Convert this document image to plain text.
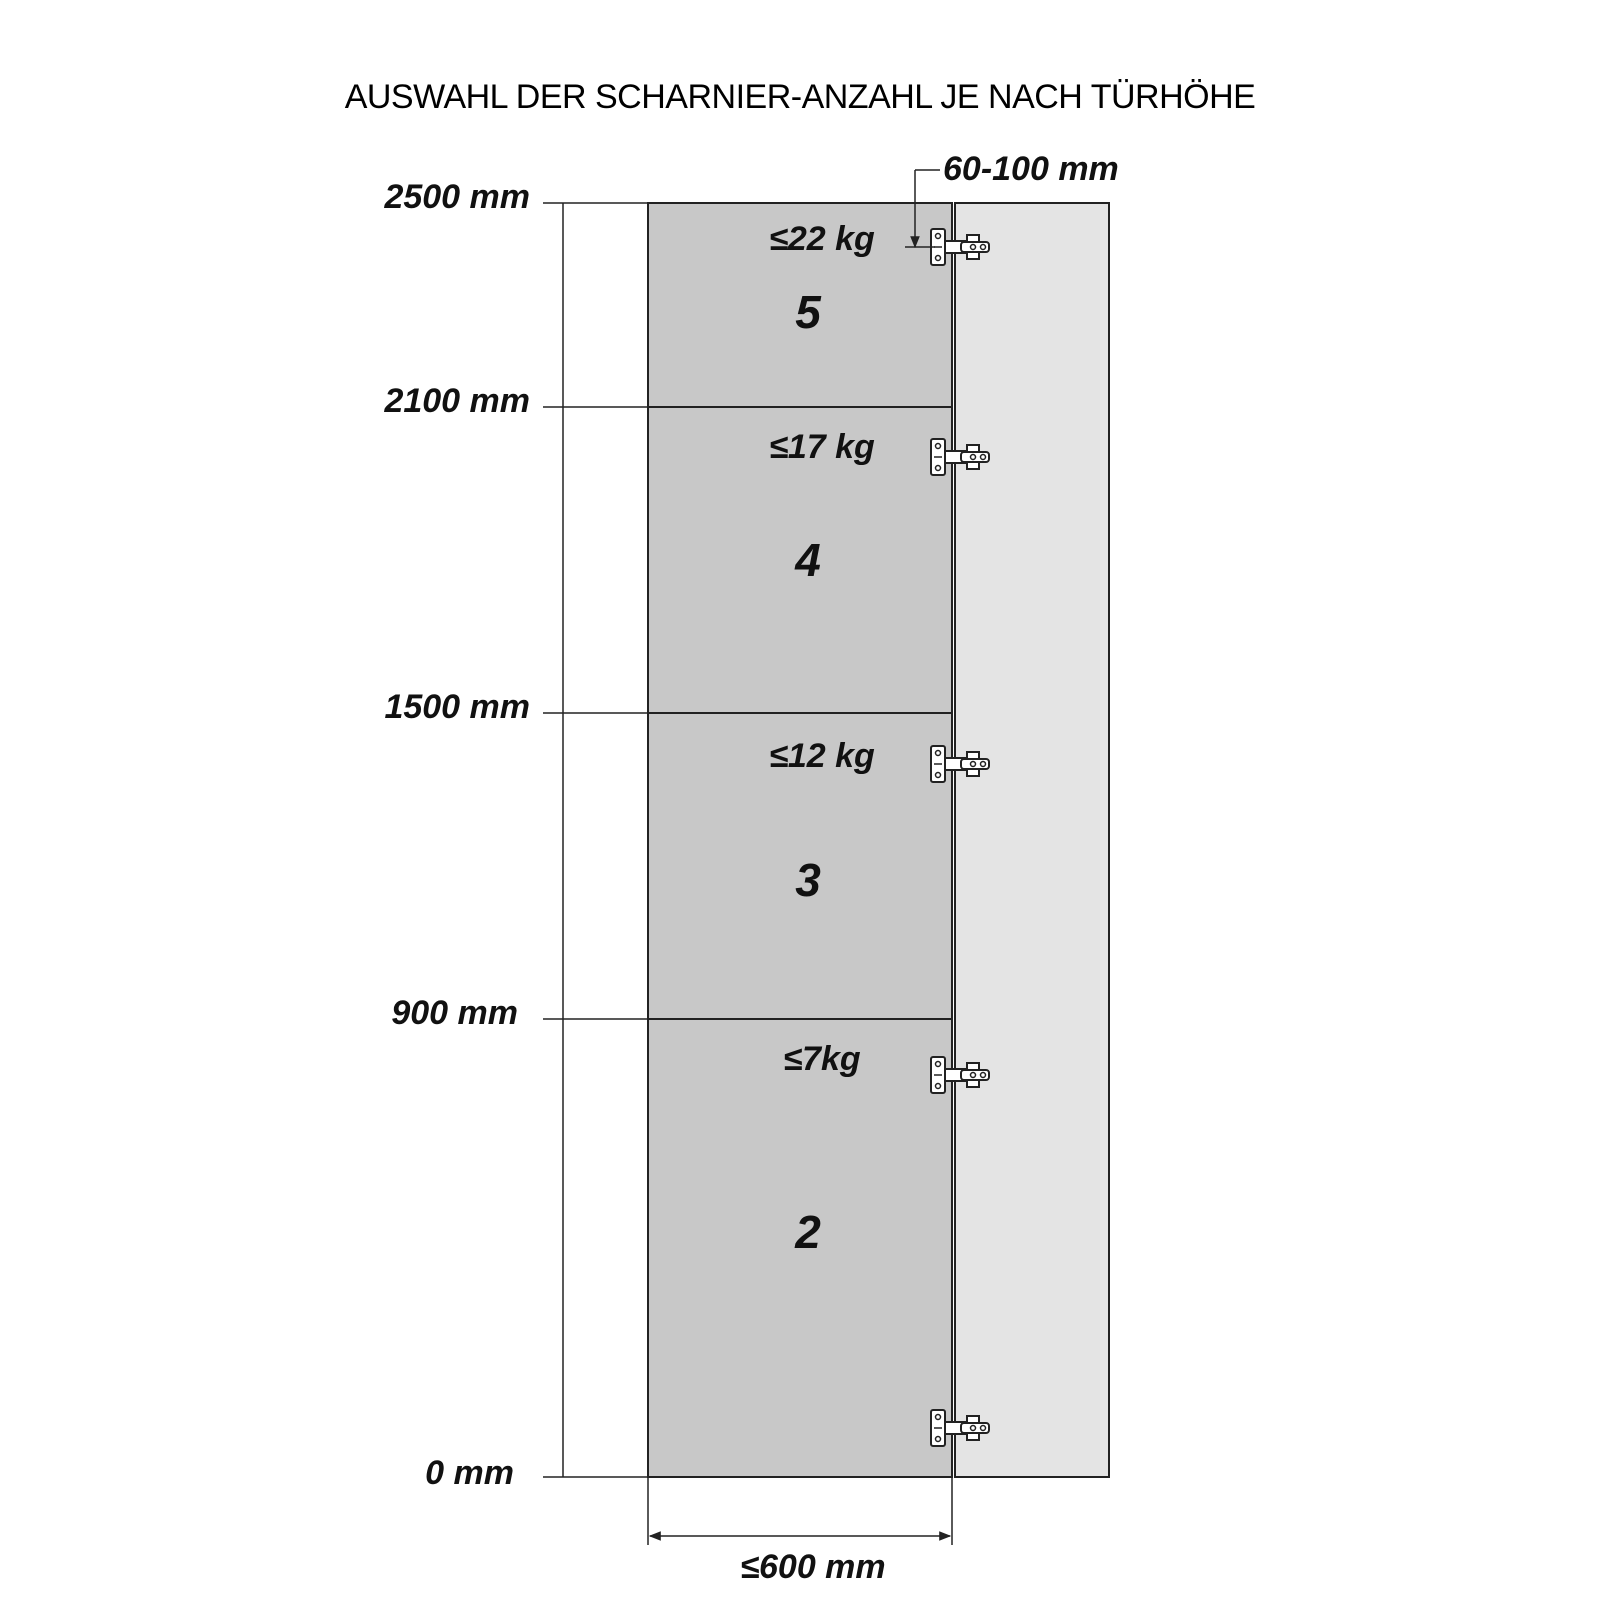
AUSWAHL DER SCHARNIER-ANZAHL JE NACH TÜRHÖHE
2500 mm
2100 mm
1500 mm
900 mm
0 mm
≤22 kg
5
≤17 kg
4
≤12 kg
3
≤7kg
2
60-100 mm
≤600 mm
